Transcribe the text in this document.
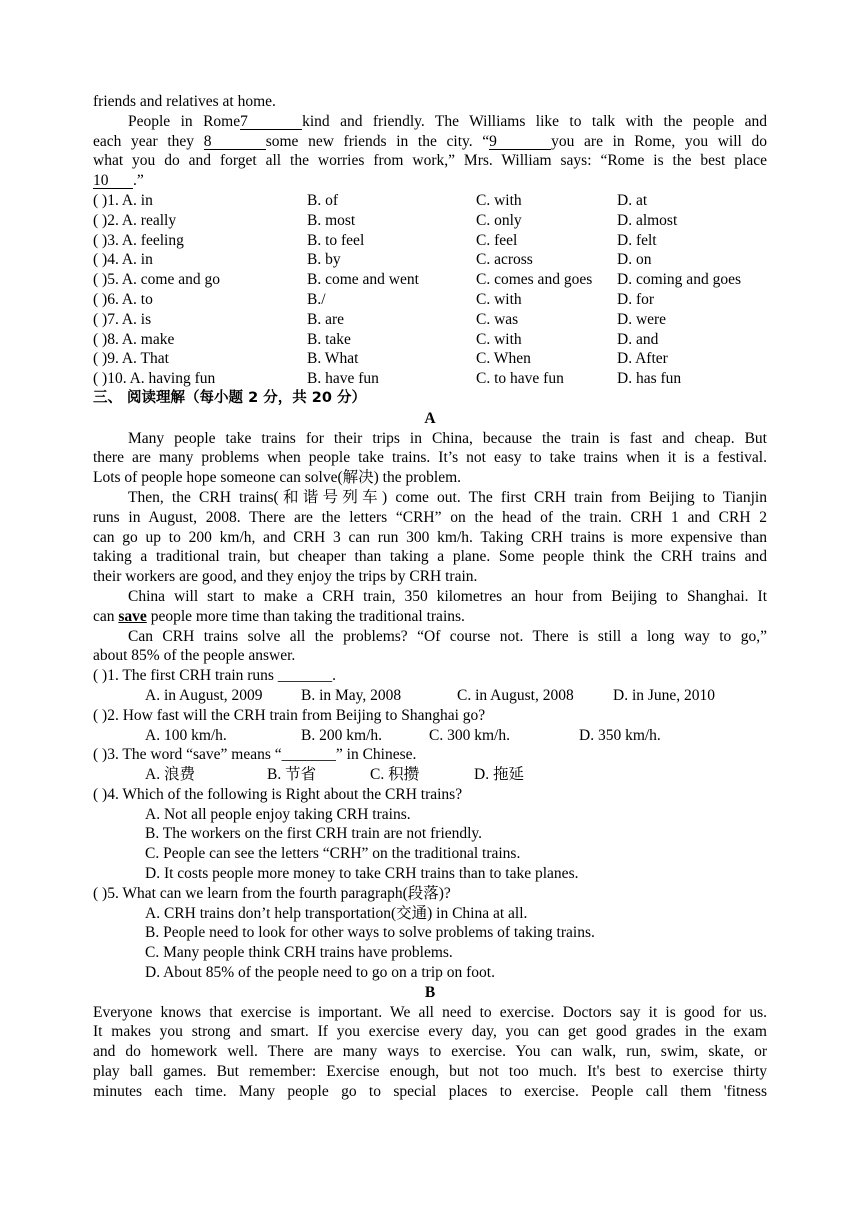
friends and relatives at home.
People in Rome7	kind and friendly. The Williams like to talk with the people and
each year they 8	some new friends in the city. “9	you are in Rome, you will do
what you do and forget all the worries from work,” Mrs. William says: “Rome is the best place
10 .”
( )1. A. in	B. of	C. with	D. at
( )2. A. really	B. most	C. only	D. almost
( )3. A. feeling	B. to feel	C. feel	D. felt
( )4. A. in	B. by	C. across	D. on
( )5. A. come and go	B. come and went	C. comes and goes D. coming and goes
( )6. A. to	B./	C. with	D. for
( )7. A. is	B. are	C. was	D. were
( )8. A. make	B. take	C. with	D. and
( )9. A. That	B. What	C. When	D. After
( )10. A. having fun	B. have fun	C. to have fun	D. has fun
三、 阅读理解（每小题 2 分，共 20 分）
A
Many people take trains for their trips in China, because the train is fast and cheap. But
there are many problems when people take trains. It’s not easy to take trains when it is a festival.
Lots of people hope someone can solve(解决) the problem.
Then, the CRH trains(和谐号列车) come out. The first CRH train from Beijing to Tianjin
runs in August, 2008. There are the letters “CRH” on the head of the train. CRH 1 and CRH 2
can go up to 200 km/h, and CRH 3 can run 300 km/h. Taking CRH trains is more expensive than
taking a traditional train, but cheaper than taking a plane. Some people think the CRH trains and
their workers are good, and they enjoy the trips by CRH train.
China will start to make a CRH train, 350 kilometres an hour from Beijing to Shanghai. It
can save people more time than taking the traditional trains.
Can CRH trains solve all the problems? “Of course not. There is still a long way to go,”
about 85% of the people answer.
( )1. The first CRH train runs _______.
A. in August, 2009 B. in May, 2008	C. in August, 2008	D. in June, 2010
( )2. How fast will the CRH train from Beijing to Shanghai go?
A. 100 km/h.	B. 200 km/h.	C. 300 km/h.	D. 350 km/h.
( )3. The word “save” means “_______” in Chinese.
A. 浪费	B. 节省	C. 积攒	D. 拖延
( )4. Which of the following is Right about the CRH trains?
A. Not all people enjoy taking CRH trains.
B. The workers on the first CRH train are not friendly.
C. People can see the letters “CRH” on the traditional trains.
D. It costs people more money to take CRH trains than to take planes.
( )5. What can we learn from the fourth paragraph(段落)?
A. CRH trains don’t help transportation(交通) in China at all.
B. People need to look for other ways to solve problems of taking trains.
C. Many people think CRH trains have problems.
D. About 85% of the people need to go on a trip on foot.
B
Everyone knows that exercise is important. We all need to exercise. Doctors say it is good for us.
It makes you strong and smart. If you exercise every day, you can get good grades in the exam
and do homework well. There are many ways to exercise. You can walk, run, swim, skate, or
play ball games. But remember: Exercise enough, but not too much. It's best to exercise thirty
minutes each time. Many people go to special places to exercise. People call them 'fitness
